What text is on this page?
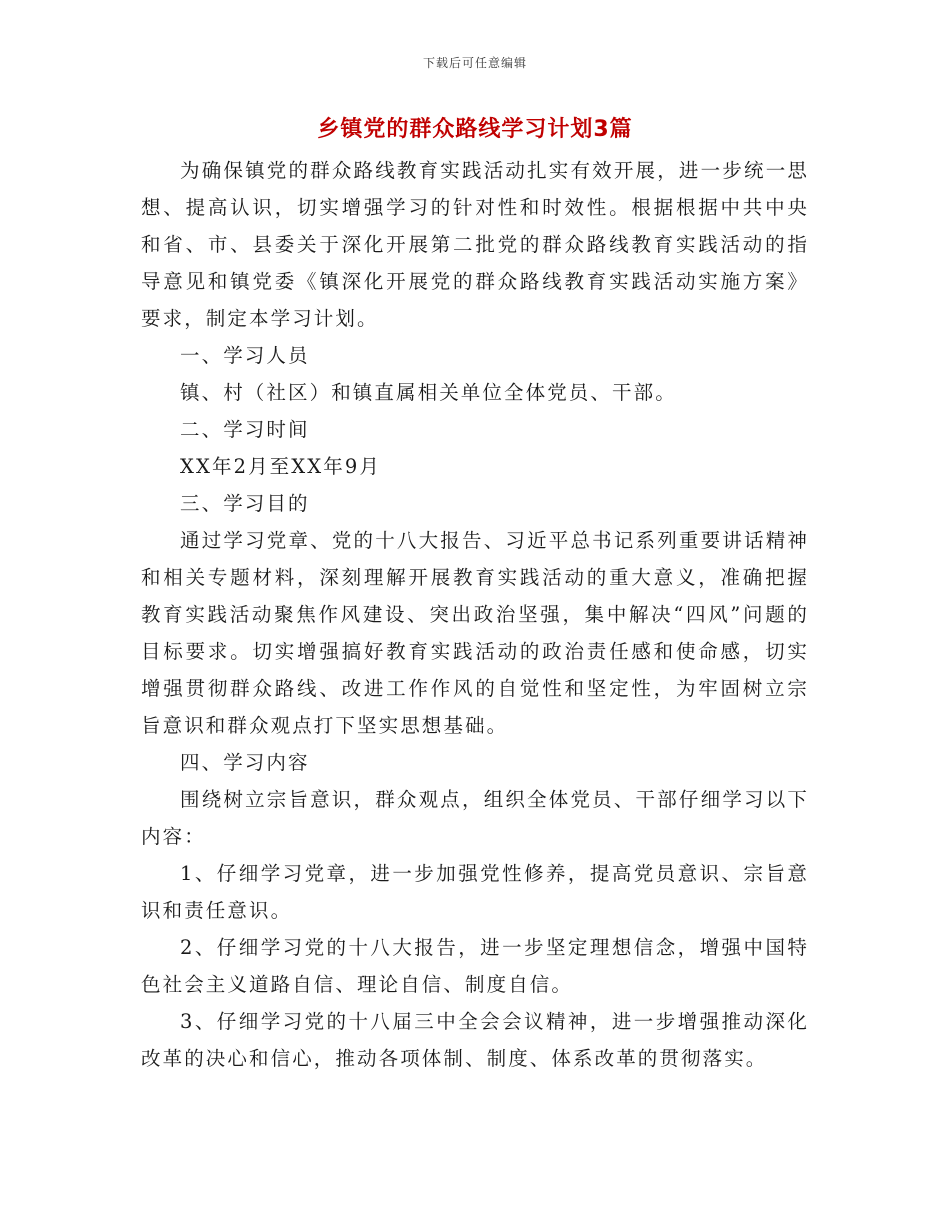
下载后可任意编辑
乡镇党的群众路线学习计划3篇

为确保镇党的群众路线教育实践活动扎实有效开展，进一步统一思想、提高认识，切实增强学习的针对性和时效性。根据根据中共中央和省、市、县委关于深化开展第二批党的群众路线教育实践活动的指导意见和镇党委《镇深化开展党的群众路线教育实践活动实施方案》要求，制定本学习计划。

一、学习人员

镇、村（社区）和镇直属相关单位全体党员、干部。

二、学习时间

XX年2月至XX年9月

三、学习目的

通过学习党章、党的十八大报告、习近平总书记系列重要讲话精神和相关专题材料，深刻理解开展教育实践活动的重大意义，准确把握教育实践活动聚焦作风建设、突出政治坚强，集中解决“四风”问题的目标要求。切实增强搞好教育实践活动的政治责任感和使命感，切实增强贯彻群众路线、改进工作作风的自觉性和坚定性，为牢固树立宗旨意识和群众观点打下坚实思想基础。

四、学习内容

围绕树立宗旨意识，群众观点，组织全体党员、干部仔细学习以下内容：

1、仔细学习党章，进一步加强党性修养，提高党员意识、宗旨意识和责任意识。

2、仔细学习党的十八大报告，进一步坚定理想信念，增强中国特色社会主义道路自信、理论自信、制度自信。

3、仔细学习党的十八届三中全会会议精神，进一步增强推动深化改革的决心和信心，推动各项体制、制度、体系改革的贯彻落实。
